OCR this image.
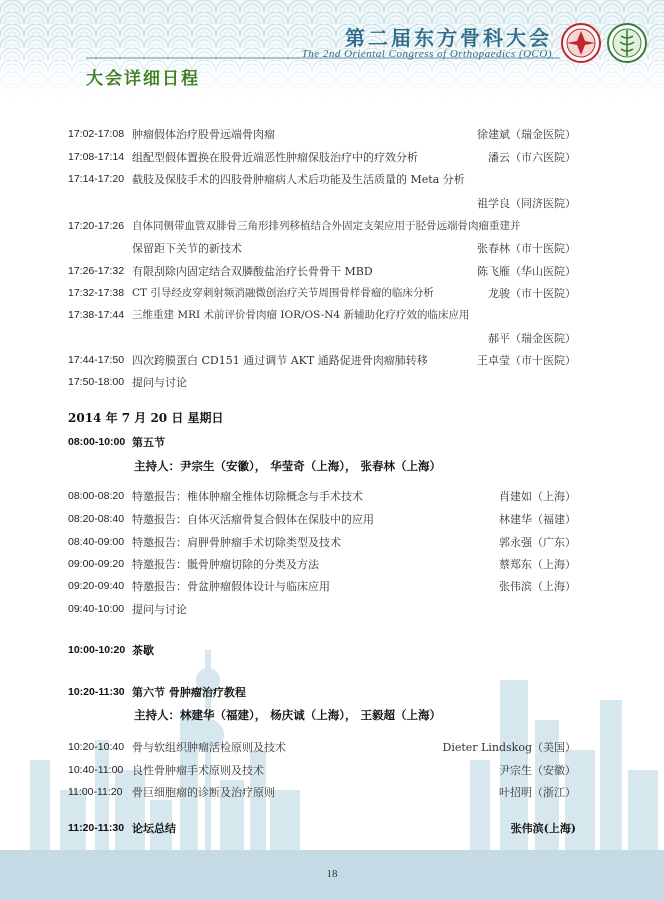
第二届东方骨科大会
The 2nd Oriental Congress of Orthopaedics (OCO)
大会详细日程
17:02-17:08 肿瘤假体治疗股骨远端骨肉瘤	徐建斌（瑞金医院）
17:08-17:14 组配型假体置换在股骨近端恶性肿瘤保肢治疗中的疗效分析	潘云（市六医院）
17:14-17:20 截肢及保肢手术的四肢骨肿瘤病人术后功能及生活质量的 Meta 分析
祖学良（同济医院）
17:20-17:26 自体同侧带血管双腓骨三角形排列移植结合外固定支架应用于胫骨远端骨肉瘤重建并
保留距下关节的新技术	张春林（市十医院）
17:26-17:32 有限刮除内固定结合双膦酸盐治疗长骨骨干 MBD	陈飞雁（华山医院）
17:32-17:38 CT 引导经皮穿刺射频消融微创治疗关节周围骨样骨瘤的临床分析	龙骏（市十医院）
17:38-17:44 三维重建 MRI 术前评价骨肉瘤 IOR/OS-N4 新辅助化疗疗效的临床应用
郝平（瑞金医院）
17:44-17:50 四次跨膜蛋白 CD151 通过调节 AKT 通路促进骨肉瘤肺转移	王卓莹（市十医院）
17:50-18:00 提问与讨论
2014 年 7 月 20 日 星期日
08:00-10:00 第五节
主持人：尹宗生（安徽）， 华莹奇（上海）， 张春林（上海）
08:00-08:20 特邀报告：椎体肿瘤全椎体切除概念与手术技术	肖建如（上海）
08:20-08:40 特邀报告：自体灭活瘤骨复合假体在保肢中的应用	林建华（福建）
08:40-09:00 特邀报告：肩胛骨肿瘤手术切除类型及技术	郭永强（广东）
09:00-09:20 特邀报告：骶骨肿瘤切除的分类及方法	蔡郑东（上海）
09:20-09:40 特邀报告：骨盆肿瘤假体设计与临床应用	张伟滨（上海）
09:40-10:00 提问与讨论
10:00-10:20 茶歇
10:20-11:30 第六节 骨肿瘤治疗教程
主持人：林建华（福建）， 杨庆诚（上海）， 王毅超（上海）
10:20-10:40 骨与软组织肿瘤活检原则及技术	Dieter Lindskog（美国）
10:40-11:00 良性骨肿瘤手术原则及技术	尹宗生（安徽）
11:00-11:20 骨巨细胞瘤的诊断及治疗原则	叶招明（浙江）
11:20-11:30 论坛总结	张伟滨(上海)
18
